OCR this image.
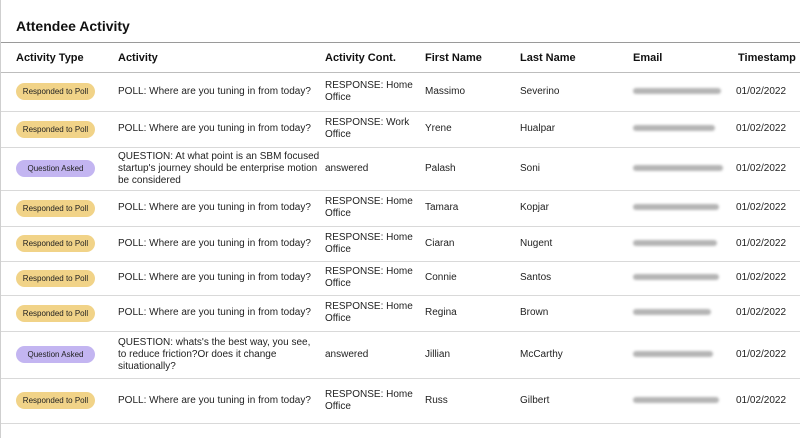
Attendee Activity
Activity Type	Activity	Activity Cont.	First Name	Last Name	Email	Timestamp
Responded to Poll	POLL: Where are you tuning in from today?	RESPONSE: Home Office	Massimo	Severino		01/02/2022
Responded to Poll	POLL: Where are you tuning in from today?	RESPONSE: Work Office	Yrene	Hualpar		01/02/2022
Question Asked	QUESTION: At what point is an SBM focused startup's journey should be enterprise motion be considered	answered	Palash	Soni		01/02/2022
Responded to Poll	POLL: Where are you tuning in from today?	RESPONSE: Home Office	Tamara	Kopjar		01/02/2022
Responded to Poll	POLL: Where are you tuning in from today?	RESPONSE: Home Office	Ciaran	Nugent		01/02/2022
Responded to Poll	POLL: Where are you tuning in from today?	RESPONSE: Home Office	Connie	Santos		01/02/2022
Responded to Poll	POLL: Where are you tuning in from today?	RESPONSE: Home Office	Regina	Brown		01/02/2022
Question Asked	QUESTION: whats's the best way, you see, to reduce friction?Or does it change situationally?	answered	Jillian	McCarthy		01/02/2022
Responded to Poll	POLL: Where are you tuning in from today?	RESPONSE: Home Office	Russ	Gilbert		01/02/2022
